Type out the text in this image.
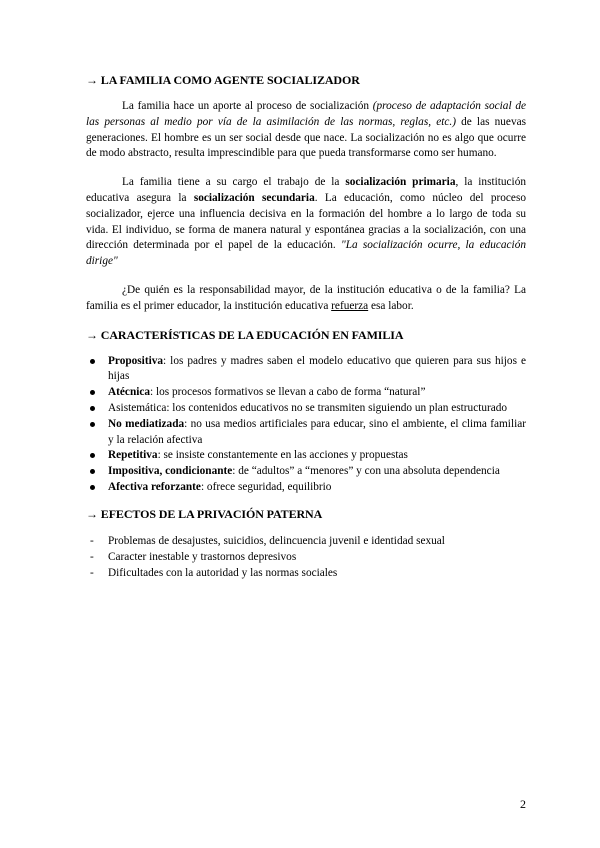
→ LA FAMILIA COMO AGENTE SOCIALIZADOR

La familia hace un aporte al proceso de socialización (proceso de adaptación social de las personas al medio por vía de la asimilación de las normas, reglas, etc.) de las nuevas generaciones. El hombre es un ser social desde que nace. La socialización no es algo que ocurre de modo abstracto, resulta imprescindible para que pueda transformarse como ser humano.

La familia tiene a su cargo el trabajo de la socialización primaria, la institución educativa asegura la socialización secundaria. La educación, como núcleo del proceso socializador, ejerce una influencia decisiva en la formación del hombre a lo largo de toda su vida. El individuo, se forma de manera natural y espontánea gracias a la socialización, con una dirección determinada por el papel de la educación. "La socialización ocurre, la educación dirige"

¿De quién es la responsabilidad mayor, de la institución educativa o de la familia? La familia es el primer educador, la institución educativa refuerza esa labor.

→ CARACTERÍSTICAS DE LA EDUCACIÓN EN FAMILIA
Propositiva: los padres y madres saben el modelo educativo que quieren para sus hijos e hijas
Atécnica: los procesos formativos se llevan a cabo de forma “natural”
Asistemática: los contenidos educativos no se transmiten siguiendo un plan estructurado
No mediatizada: no usa medios artificiales para educar, sino el ambiente, el clima familiar y la relación afectiva
Repetitiva: se insiste constantemente en las acciones y propuestas
Impositiva, condicionante: de “adultos” a “menores” y con una absoluta dependencia
Afectiva reforzante: ofrece seguridad, equilibrio
→ EFECTOS DE LA PRIVACIÓN PATERNA
- Problemas de desajustes, suicidios, delincuencia juvenil e identidad sexual
- Caracter inestable y trastornos depresivos
- Dificultades con la autoridad y las normas sociales
2
